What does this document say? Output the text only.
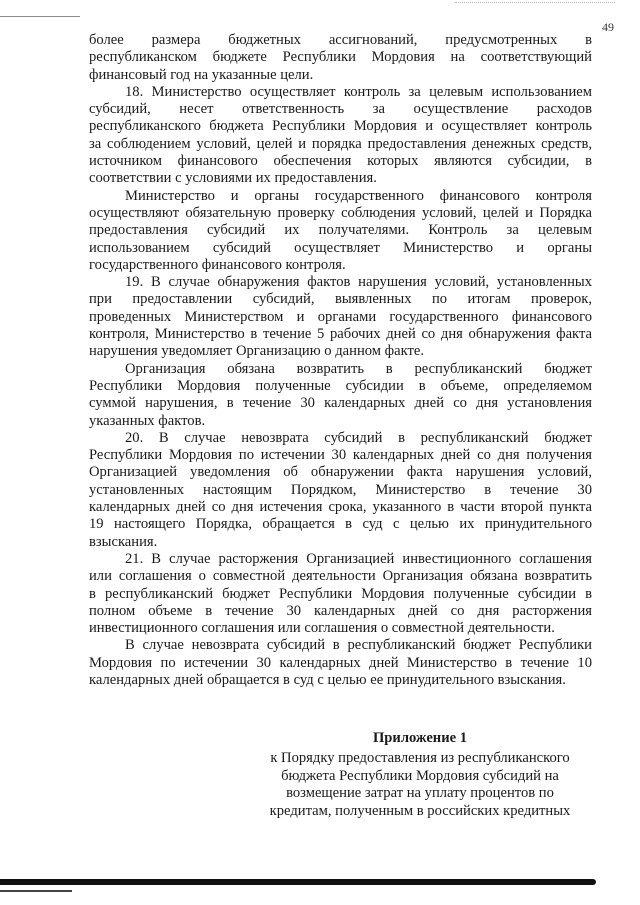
49
более размера бюджетных ассигнований, предусмотренных в
республиканском бюджете Республики Мордовия на соответствующий
финансовый год на указанные цели.
18. Министерство осуществляет контроль за целевым использованием
субсидий, несет ответственность за осуществление расходов
республиканского бюджета Республики Мордовия и осуществляет контроль
за соблюдением условий, целей и порядка предоставления денежных средств,
источником финансового обеспечения которых являются субсидии, в
соответствии с условиями их предоставления.
Министерство и органы государственного финансового контроля
осуществляют обязательную проверку соблюдения условий, целей и Порядка
предоставления субсидий их получателями. Контроль за целевым
использованием субсидий осуществляет Министерство и органы
государственного финансового контроля.
19. В случае обнаружения фактов нарушения условий, установленных
при предоставлении субсидий, выявленных по итогам проверок,
проведенных Министерством и органами государственного финансового
контроля, Министерство в течение 5 рабочих дней со дня обнаружения факта
нарушения уведомляет Организацию о данном факте.
Организация обязана возвратить в республиканский бюджет
Республики Мордовия полученные субсидии в объеме, определяемом
суммой нарушения, в течение 30 календарных дней со дня установления
указанных фактов.
20. В случае невозврата субсидий в республиканский бюджет
Республики Мордовия по истечении 30 календарных дней со дня получения
Организацией уведомления об обнаружении факта нарушения условий,
установленных настоящим Порядком, Министерство в течение 30
календарных дней со дня истечения срока, указанного в части второй пункта
19 настоящего Порядка, обращается в суд с целью их принудительного
взыскания.
21. В случае расторжения Организацией инвестиционного соглашения
или соглашения о совместной деятельности Организация обязана возвратить
в республиканский бюджет Республики Мордовия полученные субсидии в
полном объеме в течение 30 календарных дней со дня расторжения
инвестиционного соглашения или соглашения о совместной деятельности.
В случае невозврата субсидий в республиканский бюджет Республики
Мордовия по истечении 30 календарных дней Министерство в течение 10
календарных дней обращается в суд с целью ее принудительного взыскания.
Приложение 1
к Порядку предоставления из республиканского
бюджета Республики Мордовия субсидий на
возмещение затрат на уплату процентов по
кредитам, полученным в российских кредитных
